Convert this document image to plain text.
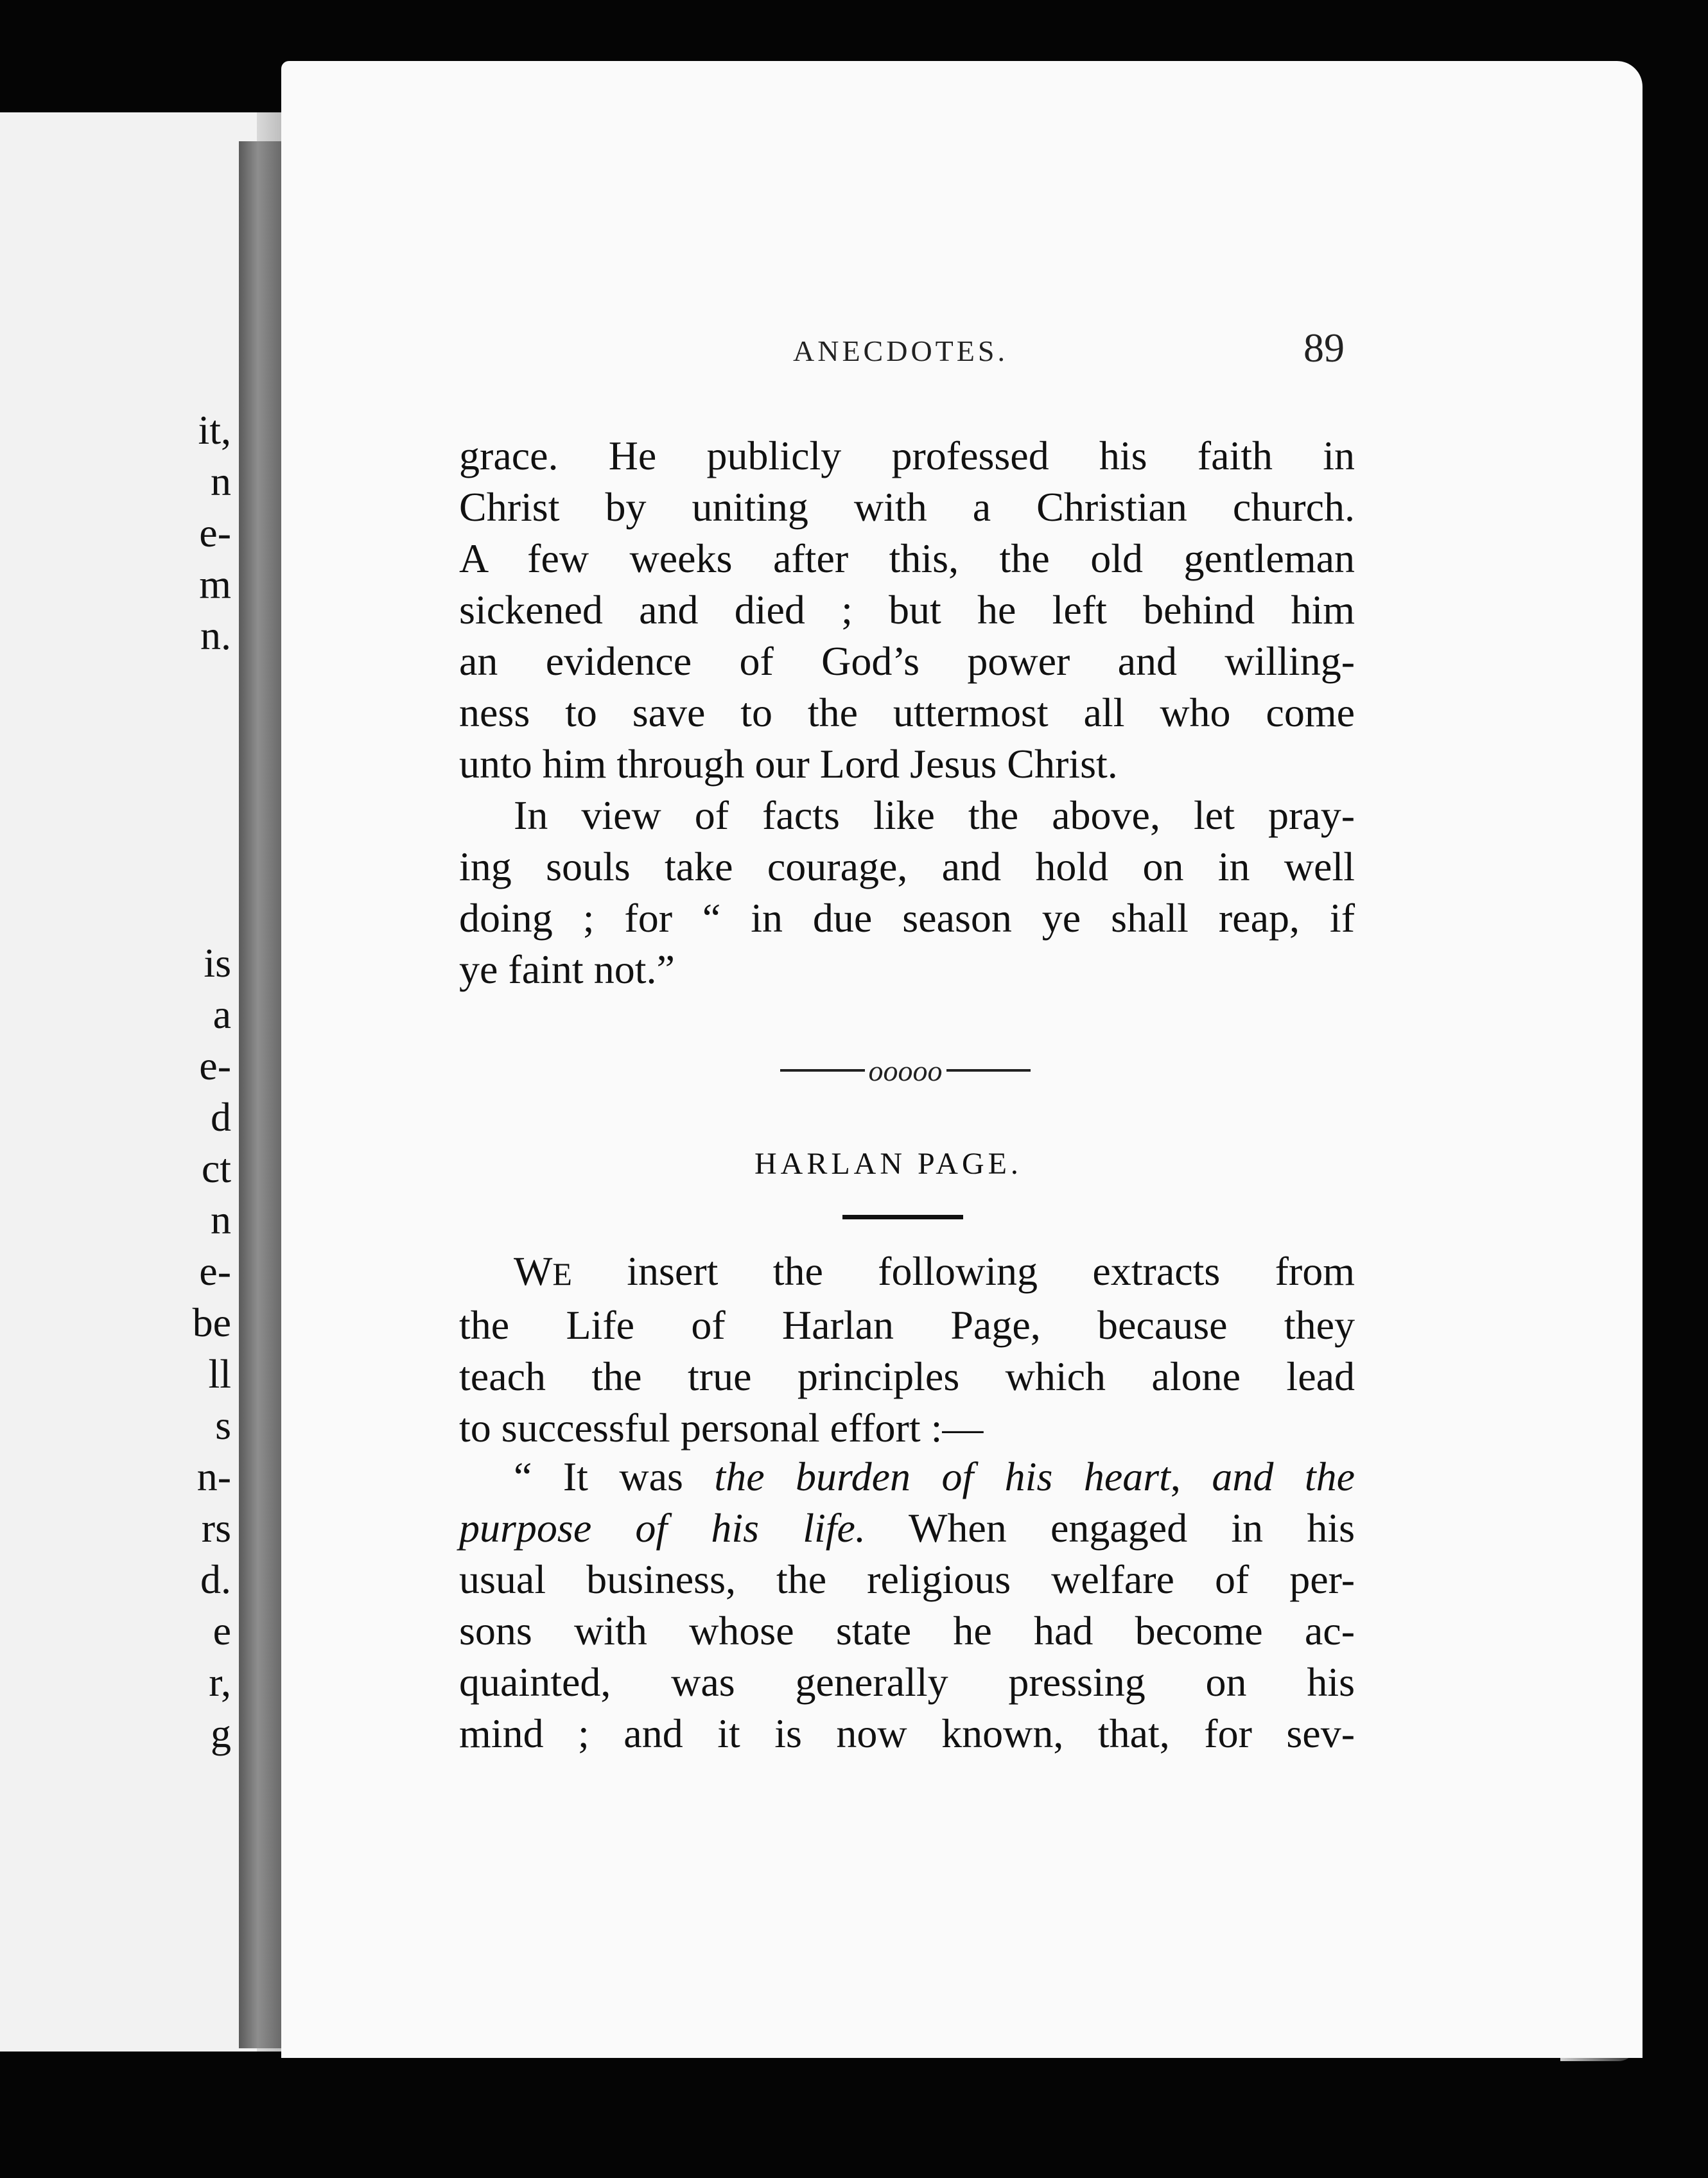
it,

n

e-

m

n.

is

a

e-

d

ct

n

e-

be

ll

s

n-

rs

d.

e

r,

g

ANECDOTES.	89

grace. He publicly professed his faith in
Christ by uniting with a Christian church.
A few weeks after this, the old gentleman
sickened and died ; but he left behind him
an evidence of God’s power and willing-
ness to save to the uttermost all who come
unto him through our Lord Jesus Christ.
In view of facts like the above, let pray-
ing souls take courage, and hold on in well
doing ; for “ in due season ye shall reap, if
ye faint not.”
ooooo

HARLAN PAGE.

WE insert the following extracts from
the Life of Harlan Page, because they
teach the true principles which alone lead
to successful personal effort :—
“ It was the burden of his heart, and the
purpose of his life. When engaged in his
usual business, the religious welfare of per-
sons with whose state he had become ac-
quainted, was generally pressing on his
mind ; and it is now known, that, for sev-
